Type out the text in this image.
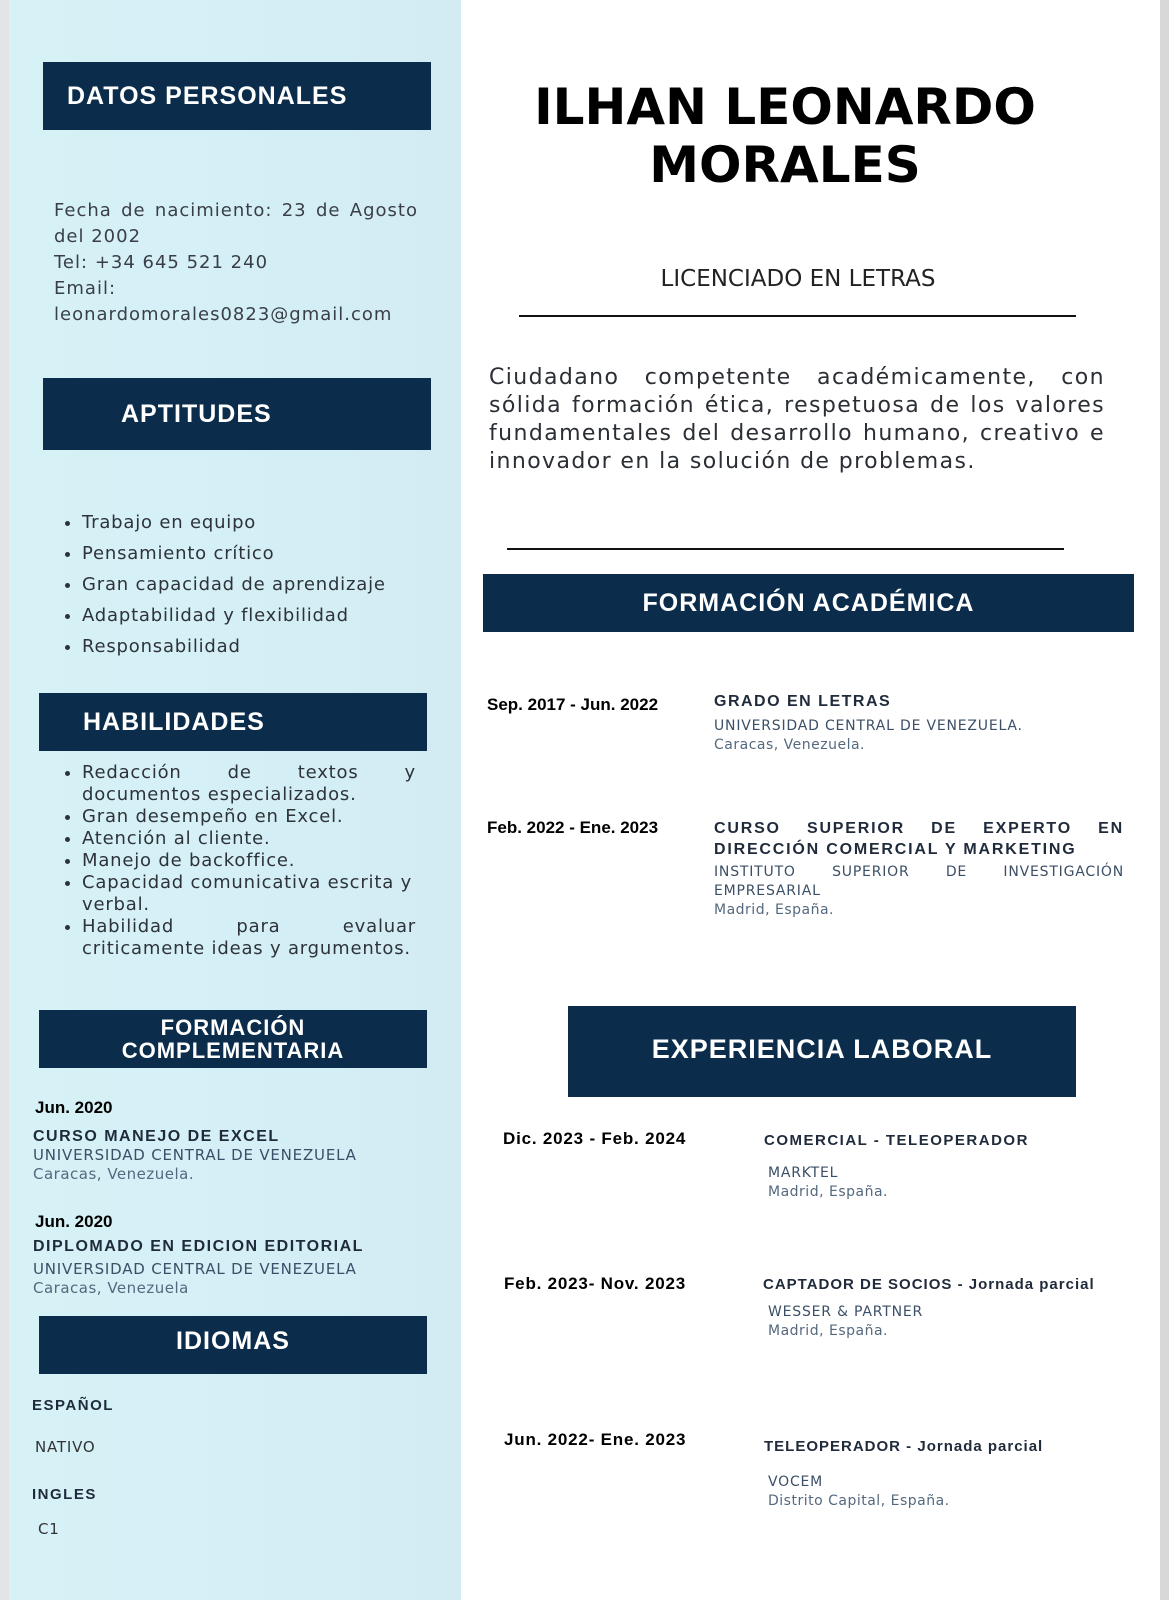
DATOS PERSONALES
Fecha de nacimiento: 23 de Agosto del 2002
Tel: +34 645 521 240
Email:
leonardomorales0823@gmail.com
APTITUDES
• Trabajo en equipo
• Pensamiento crítico
• Gran capacidad de aprendizaje
• Adaptabilidad y flexibilidad
• Responsabilidad
HABILIDADES
• Redacción de textos y documentos especializados.
• Gran desempeño en Excel.
• Atención al cliente.
• Manejo de backoffice.
• Capacidad comunicativa escrita y verbal.
• Habilidad para evaluar criticamente ideas y argumentos.
FORMACIÓN
COMPLEMENTARIA
Jun. 2020
CURSO MANEJO DE EXCEL
UNIVERSIDAD CENTRAL DE VENEZUELA
Caracas, Venezuela.
Jun. 2020
DIPLOMADO EN EDICION EDITORIAL
UNIVERSIDAD CENTRAL DE VENEZUELA
Caracas, Venezuela
IDIOMAS
ESPAÑOL
NATIVO
INGLES
C1
ILHAN LEONARDO
MORALES
LICENCIADO EN LETRAS
Ciudadano competente académicamente, con sólida formación ética, respetuosa de los valores fundamentales del desarrollo humano, creativo e innovador en la solución de problemas.
FORMACIÓN ACADÉMICA
Sep. 2017 - Jun. 2022	GRADO EN LETRAS
UNIVERSIDAD CENTRAL DE VENEZUELA.
Caracas, Venezuela.
Feb. 2022 - Ene. 2023	CURSO SUPERIOR DE EXPERTO EN DIRECCIÓN COMERCIAL Y MARKETING
INSTITUTO SUPERIOR DE INVESTIGACIÓN EMPRESARIAL
Madrid, España.
EXPERIENCIA LABORAL
Dic. 2023 - Feb. 2024	COMERCIAL - TELEOPERADOR
MARKTEL
Madrid, España.
Feb. 2023- Nov. 2023	CAPTADOR DE SOCIOS - Jornada parcial
WESSER & PARTNER
Madrid, España.
Jun. 2022- Ene. 2023	TELEOPERADOR - Jornada parcial
VOCEM
Distrito Capital, España.
